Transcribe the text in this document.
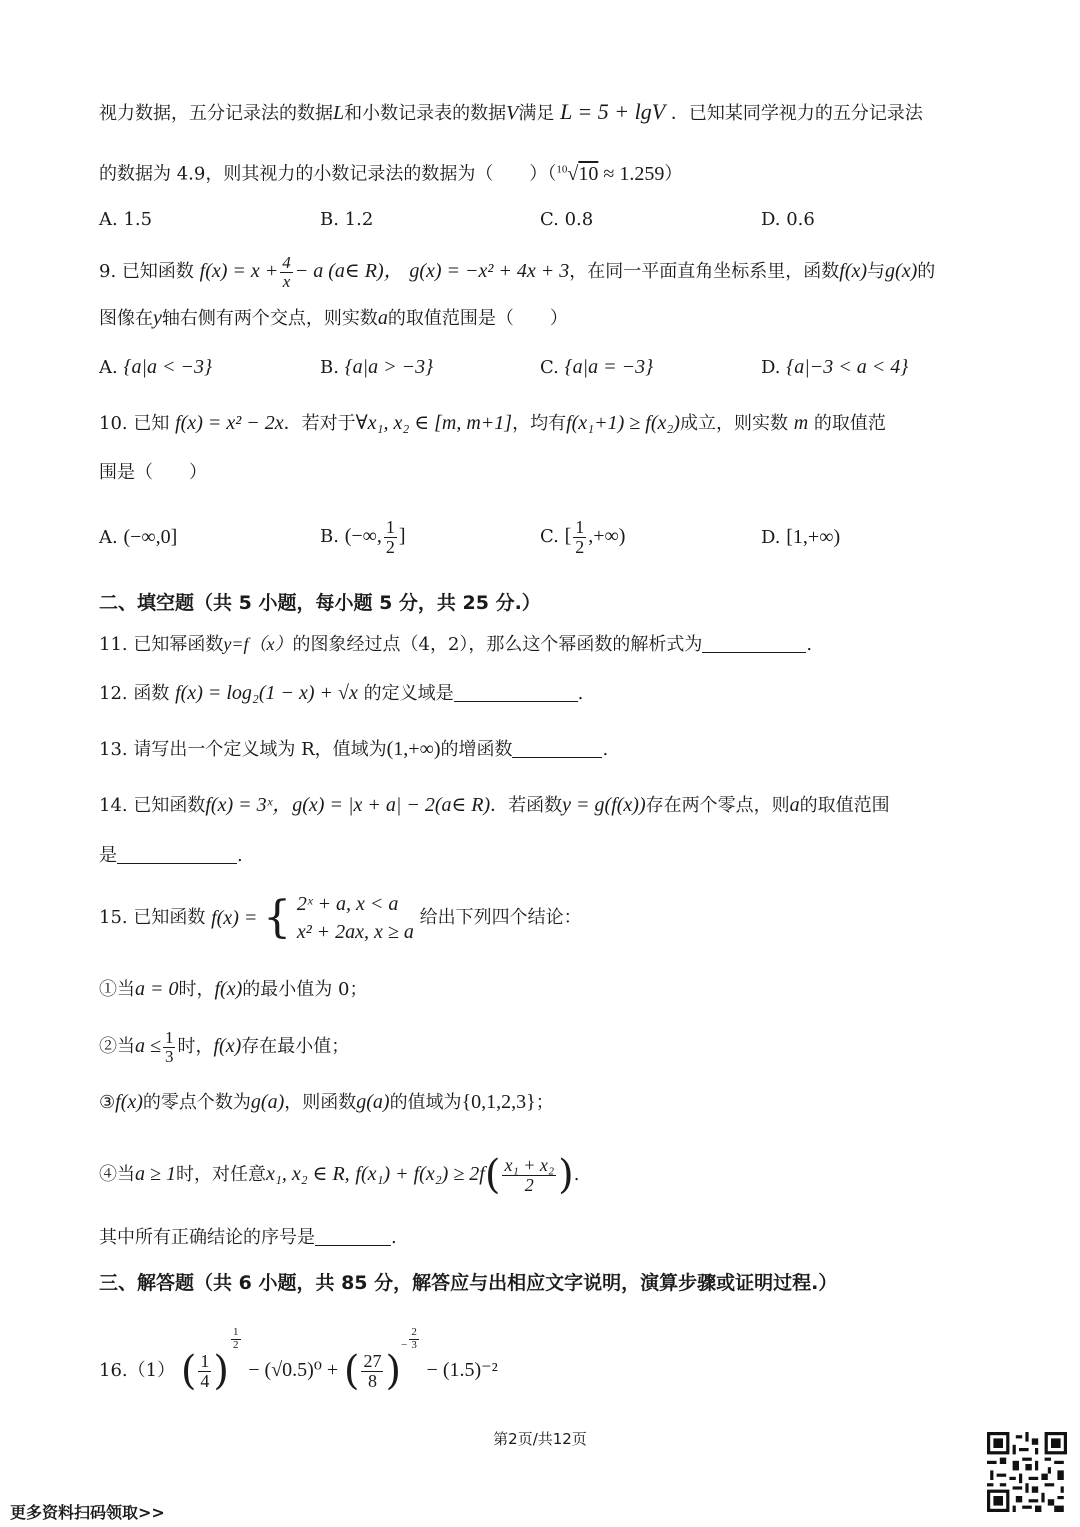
视力数据，五分记录法的数据L和小数记录表的数据V满足 L = 5 + lgV ．已知某同学视力的五分记录法
的数据为 4.9，则其视力的小数记录法的数据为（　　）（$^{10}$√10 ≈ 1.259）
A. 1.5	B. 1.2	C. 0.8	D. 0.6
9. 已知函数 $f(x) = x + \frac{4}{x} - a$ (a∈ R)， g(x) = −x² + 4x + 3，在同一平面直角坐标系里，函数f(x)与g(x)的
图像在y轴右侧有两个交点，则实数a的取值范围是（　　）
A. {a|a < −3}	B. {a|a > −3}	C. {a|a = −3}	D. {a|−3 < a < 4}
10. 已知 f(x) = x² − 2x．若对于∀x₁, x₂ ∈ [m, m+1]，均有f(x₁+1) ≥ f(x₂)成立，则实数 m 的取值范
围是（　　）
A. (−∞,0]	B. (−∞, $\frac{1}{2}$ ]	C. [ $\frac{1}{2}$ ,+∞)	D. [1,+∞)
二、填空题（共 5 小题，每小题 5 分，共 25 分.）
11. 已知幂函数y=f（x）的图象经过点（4，2），那么这个幂函数的解析式为	.
12. 函数 f(x) = log₂(1 − x) + √x 的定义域是	.
13. 请写出一个定义域为 R，值域为(1,+∞)的增函数	.
14. 已知函数f(x) = 3ˣ，g(x) = |x + a| − 2(a∈ R)．若函数y = g(f(x))存在两个零点，则a的取值范围
是	.
15. 已知函数 f(x) = { 2ˣ + a, x < a
x² + 2ax, x ≥ a
给出下列四个结论：
①当a = 0时，f(x)的最小值为 0；
②当$a \le \frac{1}{3}$ 时，f(x)存在最小值；
③f(x)的零点个数为g(a)，则函数g(a)的值域为{0,1,2,3}；
④当a ≥ 1时，对任意x₁, x₂ ∈ R, $f(x_1) + f(x_2) \ge 2f( \frac{\text{x₁ + x₂}}{2}$ ).
其中所有正确结论的序号是	.
三、解答题（共 6 小题，共 85 分，解答应与出相应文字说明，演算步骤或证明过程.）
16.（1） ( $\frac{1}{4}$ )
$\frac{1}{2}$
− (√0.5)⁰ + ( $\frac{27}{8} )^- \frac{2}{3}$
− (1.5)⁻²
第2页/共12页
更多资料扫码领取>>
